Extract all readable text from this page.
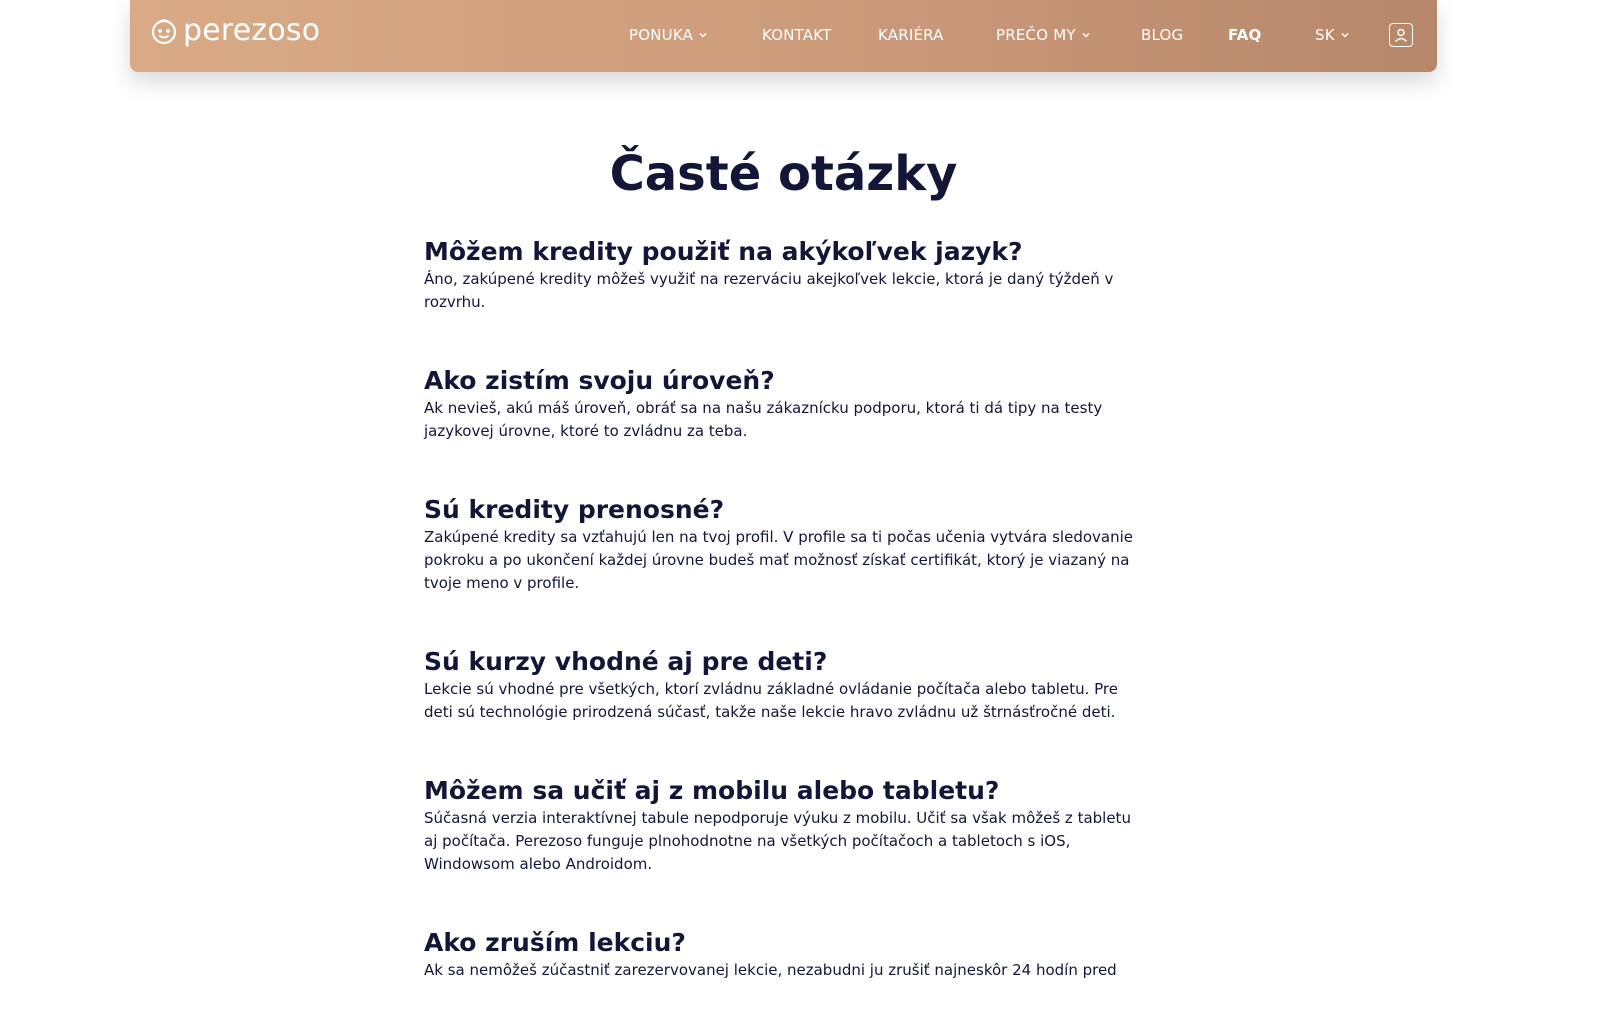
perezoso	PONUKA	KONTAKT	KARIÉRA	PREČO MY	BLOG	FAQ	SK
Časté otázky
Môžem kredity použiť na akýkoľvek jazyk?

Áno, zakúpené kredity môžeš využiť na rezerváciu akejkoľvek lekcie, ktorá je daný týždeň v rozvrhu.

Ako zistím svoju úroveň?

Ak nevieš, akú máš úroveň, obráť sa na našu zákaznícku podporu, ktorá ti dá tipy na testy jazykovej úrovne, ktoré to zvládnu za teba.

Sú kredity prenosné?

Zakúpené kredity sa vzťahujú len na tvoj profil. V profile sa ti počas učenia vytvára sledovanie pokroku a po ukončení každej úrovne budeš mať možnosť získať certifikát, ktorý je viazaný na tvoje meno v profile.

Sú kurzy vhodné aj pre deti?

Lekcie sú vhodné pre všetkých, ktorí zvládnu základné ovládanie počítača alebo tabletu. Pre deti sú technológie prirodzená súčasť, takže naše lekcie hravo zvládnu už štrnásťročné deti.

Môžem sa učiť aj z mobilu alebo tabletu?

Súčasná verzia interaktívnej tabule nepodporuje výuku z mobilu. Učiť sa však môžeš z tabletu aj počítača. Perezoso funguje plnohodnotne na všetkých počítačoch a tabletoch s iOS, Windowsom alebo Androidom.

Ako zruším lekciu?

Ak sa nemôžeš zúčastniť zarezervovanej lekcie, nezabudni ju zrušiť najneskôr 24 hodín pred
